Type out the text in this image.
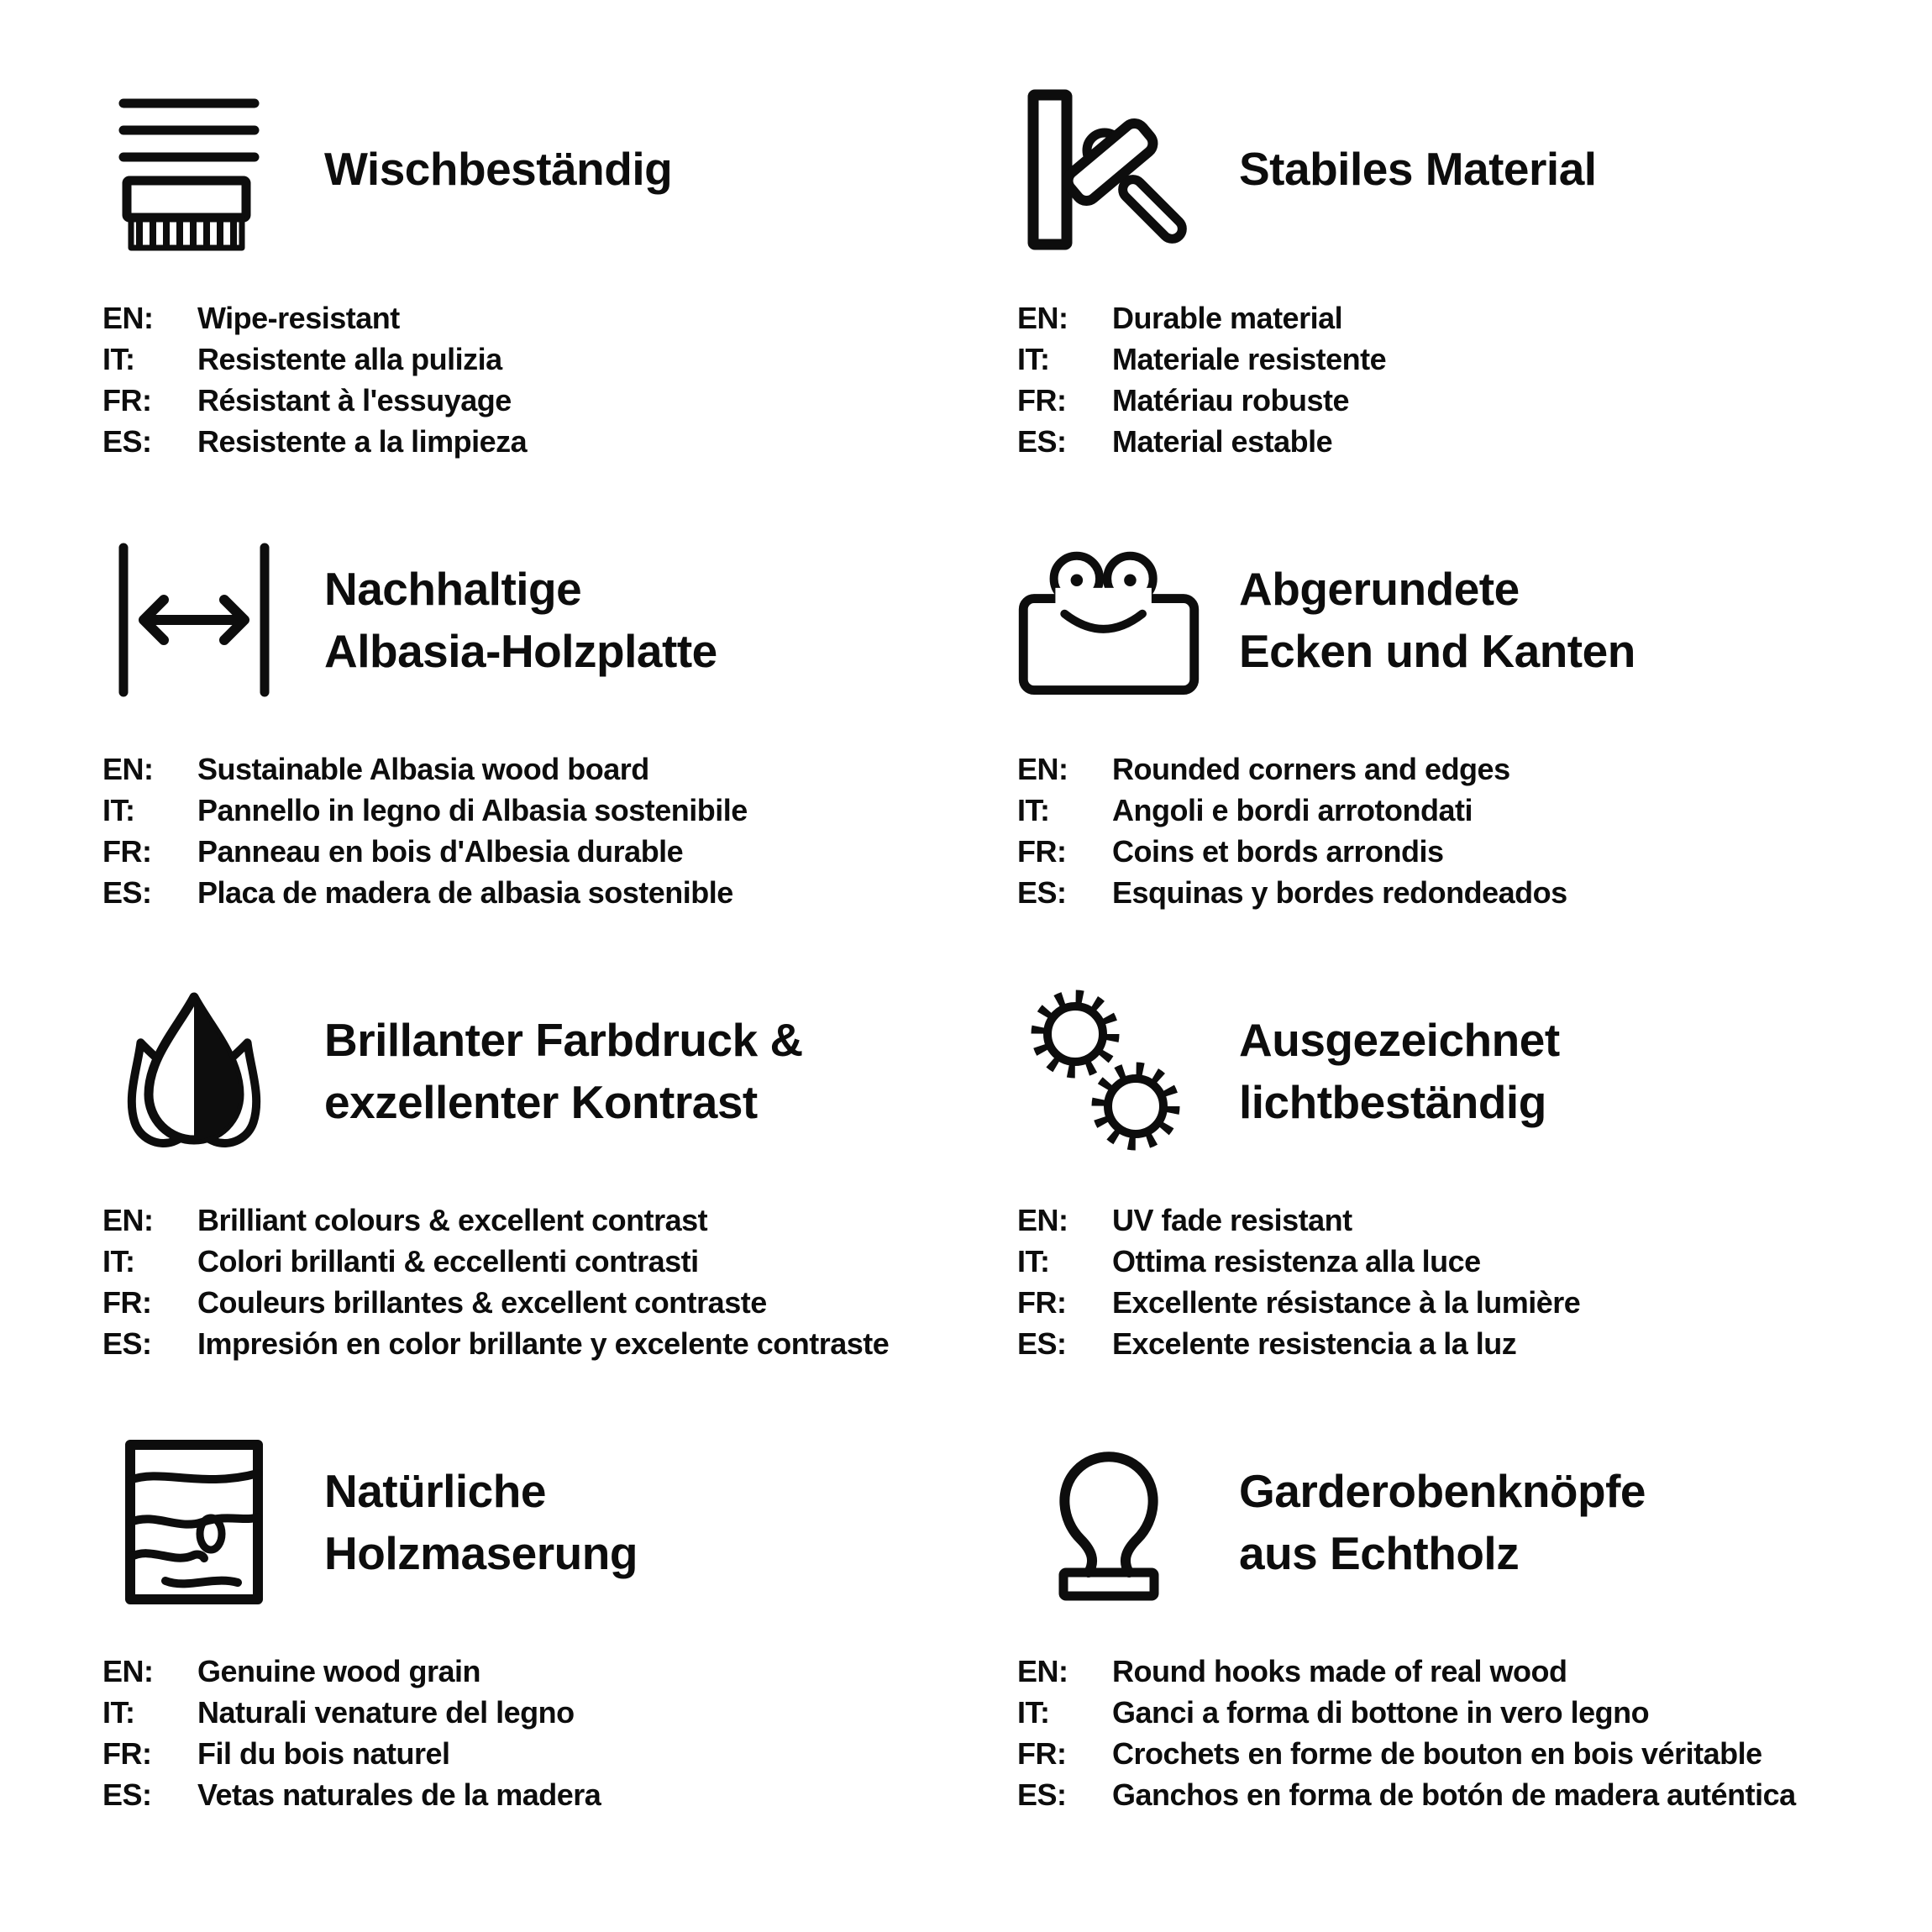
Wischbeständig
EN:	Wipe-resistant
IT:	Resistente alla pulizia
FR:	Résistant à l'essuyage
ES:	Resistente a la limpieza
Stabiles Material
EN:	Durable material
IT:	Materiale resistente
FR:	Matériau robuste
ES:	Material estable
Nachhaltige
Albasia-Holzplatte
EN:	Sustainable Albasia wood board
IT:	Pannello in legno di Albasia sostenibile
FR:	Panneau en bois d'Albesia durable
ES:	Placa de madera de albasia sostenible
Abgerundete
Ecken und Kanten
EN:	Rounded corners and edges
IT:	Angoli e bordi arrotondati
FR:	Coins et bords arrondis
ES:	Esquinas y bordes redondeados
Brillanter Farbdruck &
exzellenter Kontrast
EN:	Brilliant colours & excellent contrast
IT:	Colori brillanti & eccellenti contrasti
FR:	Couleurs brillantes & excellent contraste
ES:	Impresión en color brillante y excelente contraste
Ausgezeichnet
lichtbeständig
EN:	UV fade resistant
IT:	Ottima resistenza alla luce
FR:	Excellente résistance à la lumière
ES:	Excelente resistencia a la luz
Natürliche
Holzmaserung
EN:	Genuine wood grain
IT:	Naturali venature del legno
FR:	Fil du bois naturel
ES:	Vetas naturales de la madera
Garderobenknöpfe
aus Echtholz
EN:	Round hooks made of real wood
IT:	Ganci a forma di bottone in vero legno
FR:	Crochets en forme de bouton en bois véritable
ES:	Ganchos en forma de botón de madera auténtica
